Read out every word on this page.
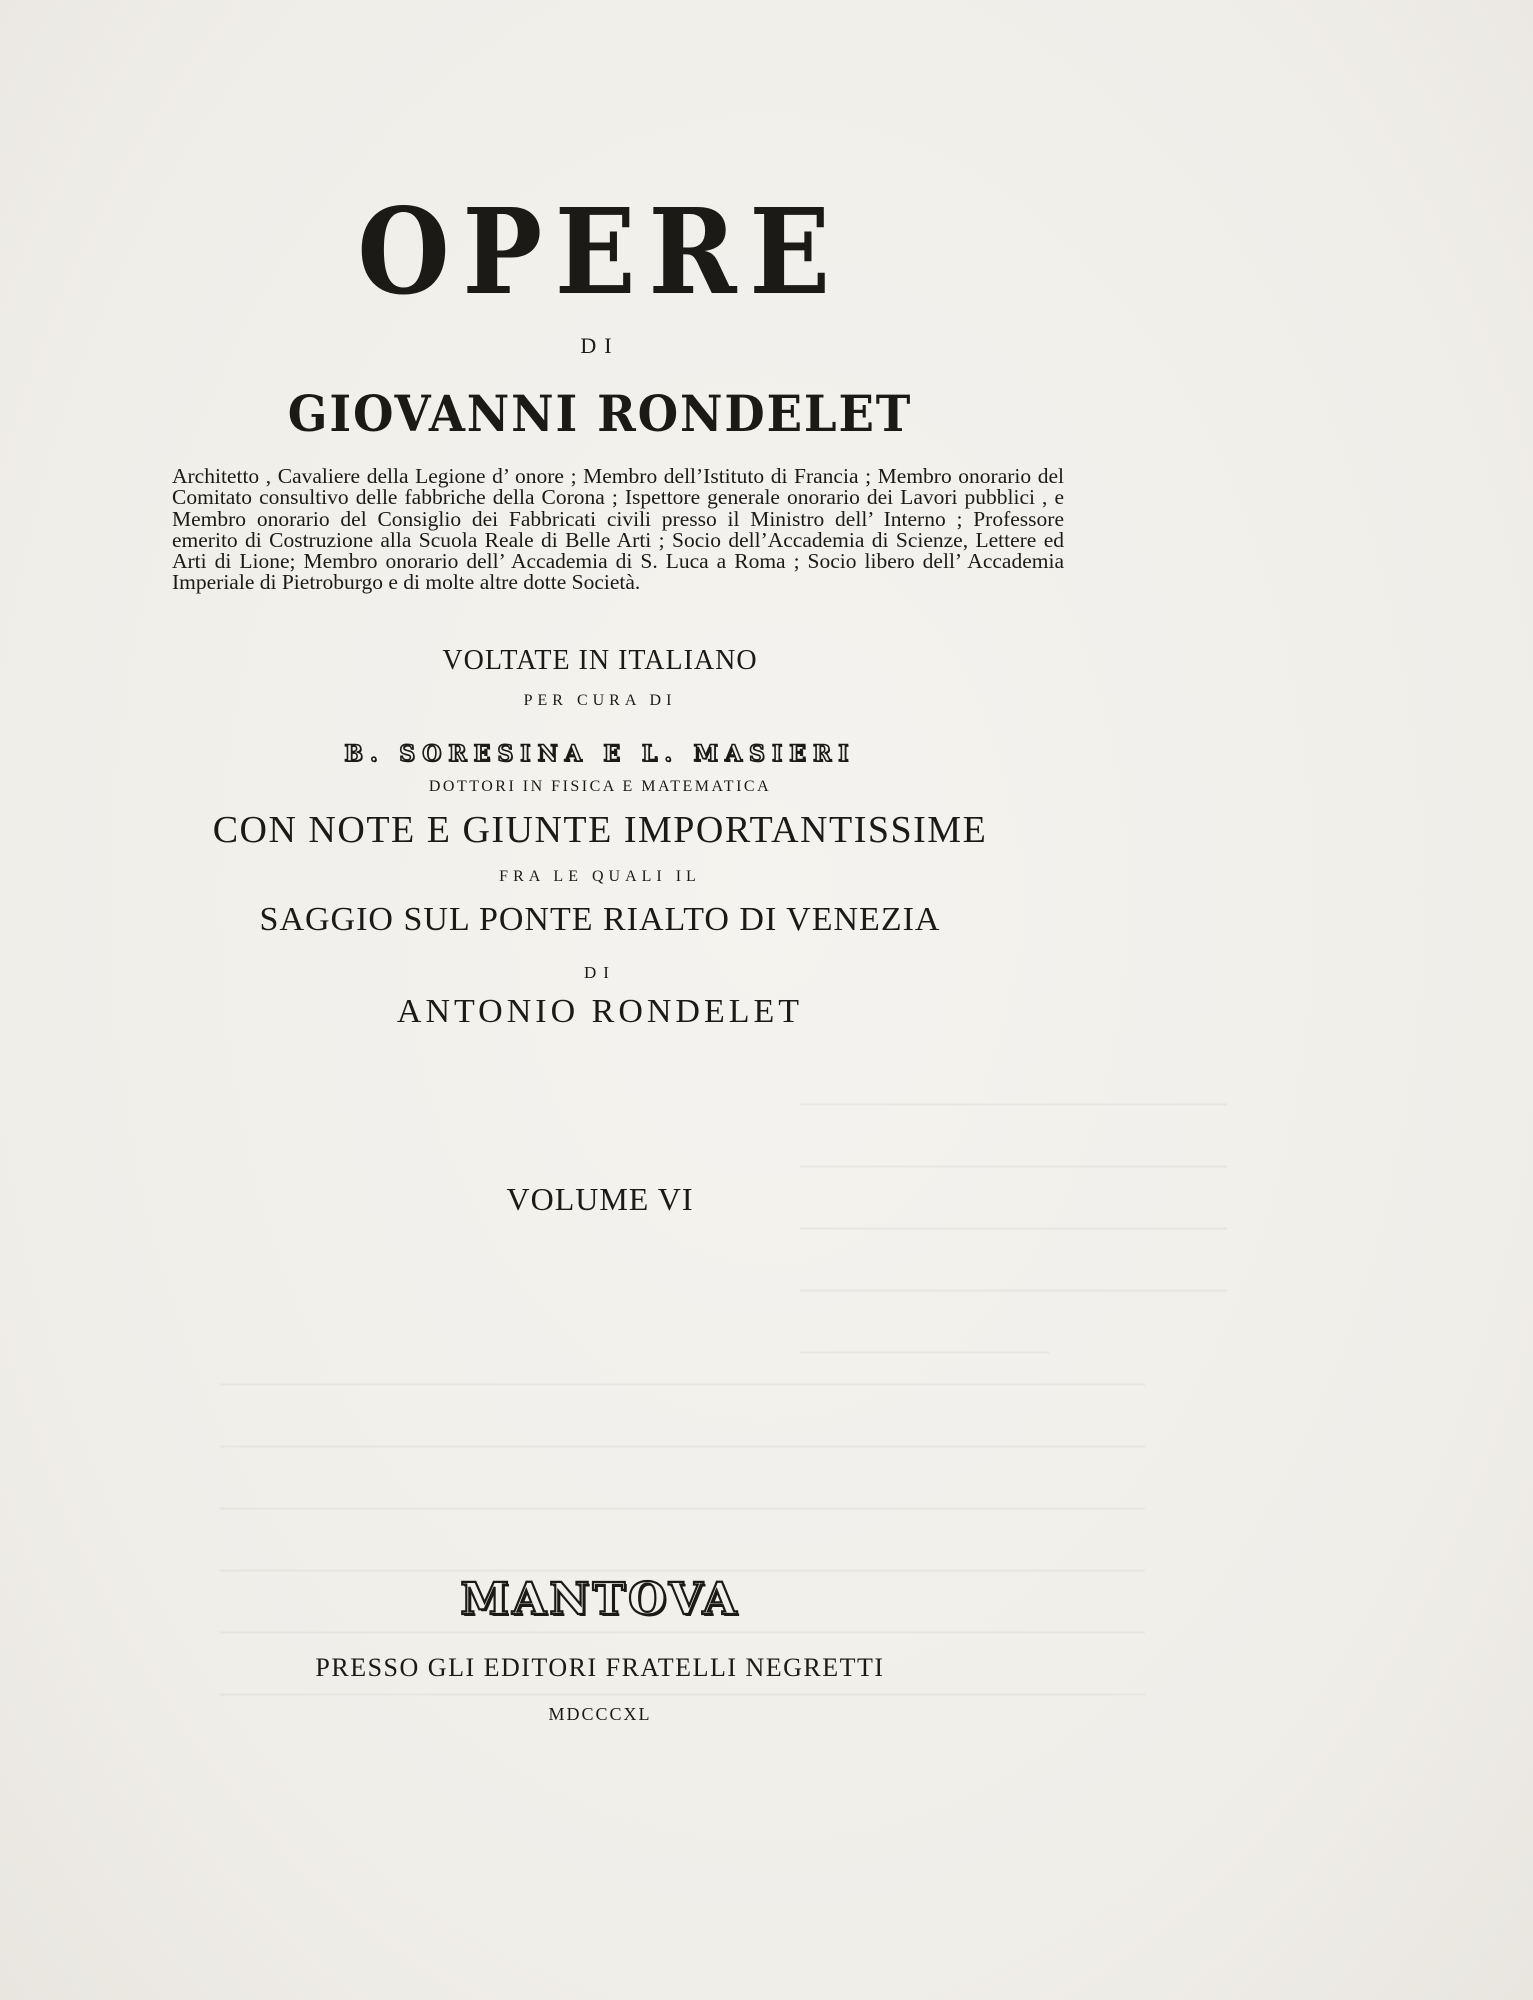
OPERE
DI
GIOVANNI RONDELET
Architetto , Cavaliere della Legione d’ onore ; Membro dell’Istituto di Francia ; Membro onorario del Comitato consultivo delle fabbriche della Corona ; Ispettore generale onorario dei Lavori pubblici , e Membro onorario del Consiglio dei Fabbricati civili presso il Ministro dell’ Interno ; Professore emerito di Costruzione alla Scuola Reale di Belle Arti ; Socio dell’Accademia di Scienze, Lettere ed Arti di Lione; Membro onorario dell’ Accademia di S. Luca a Roma ; Socio libero dell’ Accademia Imperiale di Pietroburgo e di molte altre dotte Società.
VOLTATE IN ITALIANO
PER CURA DI
B. SORESINA E L. MASIERI
DOTTORI IN FISICA E MATEMATICA
CON NOTE E GIUNTE IMPORTANTISSIME
FRA LE QUALI IL
SAGGIO SUL PONTE RIALTO DI VENEZIA
DI
ANTONIO RONDELET
VOLUME VI
MANTOVA
PRESSO GLI EDITORI FRATELLI NEGRETTI
MDCCCXL
